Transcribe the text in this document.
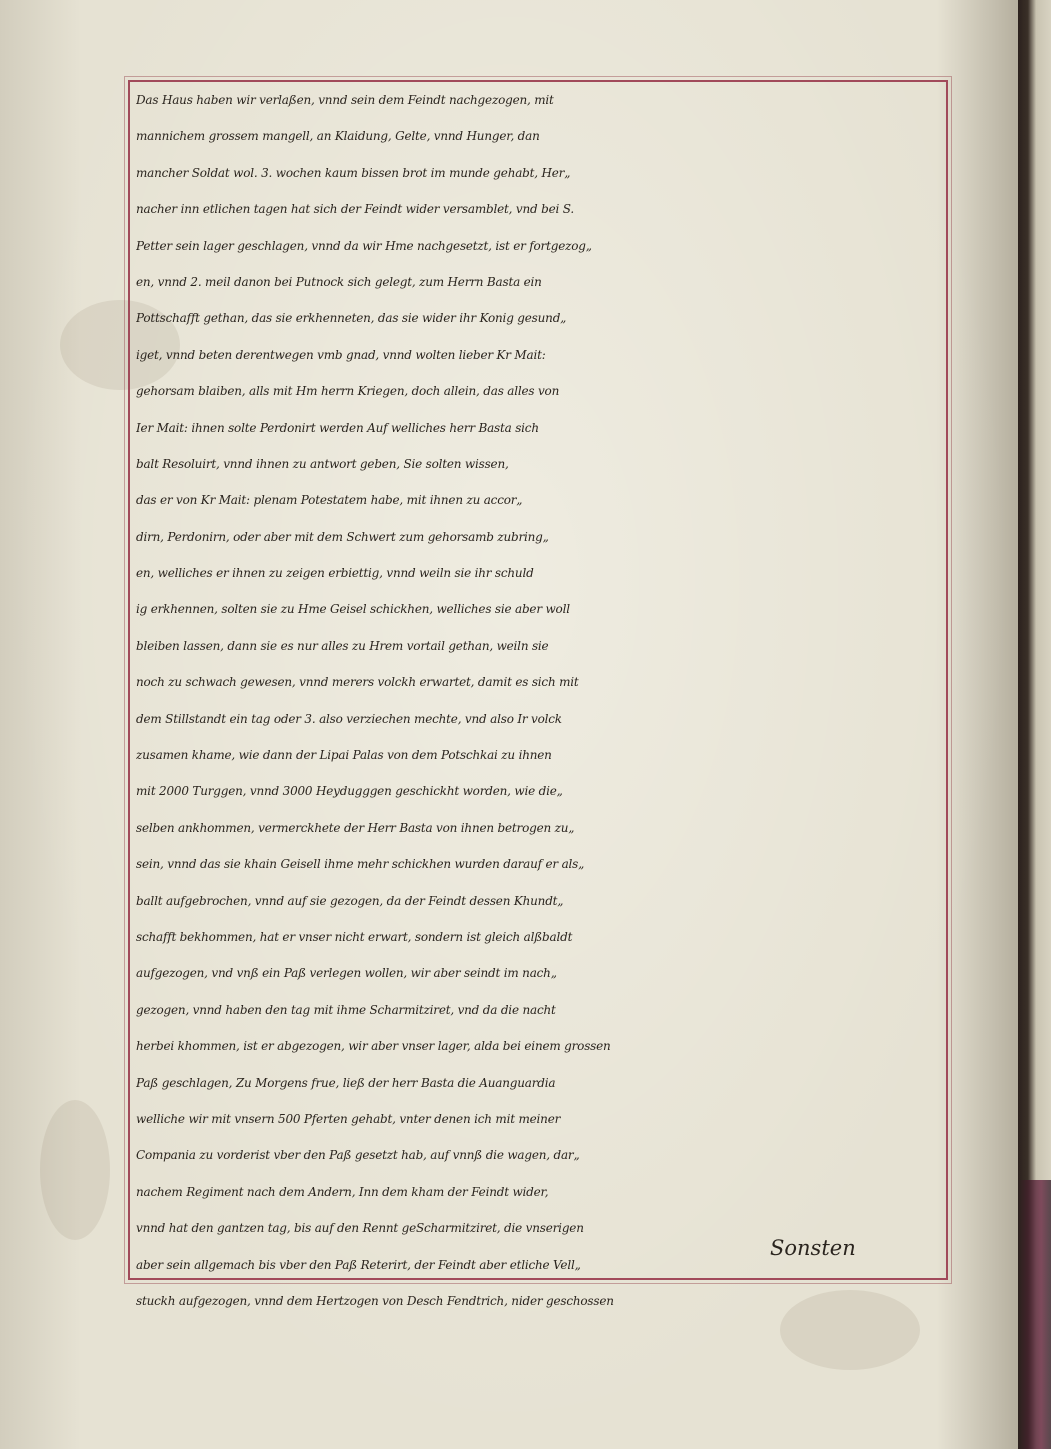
Das Haus haben wir verlaßen, vnnd sein dem Feindt nachgezogen, mit
mannichem grossem mangell, an Klaidung, Gelte, vnnd Hunger, dan
mancher Soldat wol. 3. wochen kaum bissen brot im munde gehabt, Her„
nacher inn etlichen tagen hat sich der Feindt wider versamblet, vnd bei S.
Petter sein lager geschlagen, vnnd da wir Hme nachgesetzt, ist er fortgezog„
en, vnnd 2. meil danon bei Putnock sich gelegt, zum Herrn Basta ein
Pottschafft gethan, das sie erkhenneten, das sie wider ihr Konig gesund„
iget, vnnd beten derentwegen vmb gnad, vnnd wolten lieber Kr Mait:
gehorsam blaiben, alls mit Hm herrn Kriegen, doch allein, das alles von
Ier Mait: ihnen solte Perdonirt werden Auf welliches herr Basta sich
balt Resoluirt, vnnd ihnen zu antwort geben, Sie solten wissen,
das er von Kr Mait: plenam Potestatem habe, mit ihnen zu accor„
dirn, Perdonirn, oder aber mit dem Schwert zum gehorsamb zubring„
en, welliches er ihnen zu zeigen erbiettig, vnnd weiln sie ihr schuld
ig erkhennen, solten sie zu Hme Geisel schickhen, welliches sie aber woll
bleiben lassen, dann sie es nur alles zu Hrem vortail gethan, weiln sie
noch zu schwach gewesen, vnnd merers volckh erwartet, damit es sich mit
dem Stillstandt ein tag oder 3. also verziechen mechte, vnd also Ir volck
zusamen khame, wie dann der Lipai Palas von dem Potschkai zu ihnen
mit 2000 Turggen, vnnd 3000 Heydugggen geschickht worden, wie die„
selben ankhommen, vermerckhete der Herr Basta von ihnen betrogen zu„
sein, vnnd das sie khain Geisell ihme mehr schickhen wurden darauf er als„
ballt aufgebrochen, vnnd auf sie gezogen, da der Feindt dessen Khundt„
schafft bekhommen, hat er vnser nicht erwart, sondern ist gleich alßbaldt
aufgezogen, vnd vnß ein Paß verlegen wollen, wir aber seindt im nach„
gezogen, vnnd haben den tag mit ihme Scharmitziret, vnd da die nacht
herbei khommen, ist er abgezogen, wir aber vnser lager, alda bei einem grossen
Paß geschlagen, Zu Morgens frue, ließ der herr Basta die Auanguardia
welliche wir mit vnsern 500 Pferten gehabt, vnter denen ich mit meiner
Compania zu vorderist vber den Paß gesetzt hab, auf vnnß die wagen, dar„
nachem Regiment nach dem Andern, Inn dem kham der Feindt wider,
vnnd hat den gantzen tag, bis auf den Rennt geScharmitziret, die vnserigen
aber sein allgemach bis vber den Paß Reterirt, der Feindt aber etliche Vell„
stuckh aufgezogen, vnnd dem Hertzogen von Desch Fendtrich, nider geschossen
Sonsten
